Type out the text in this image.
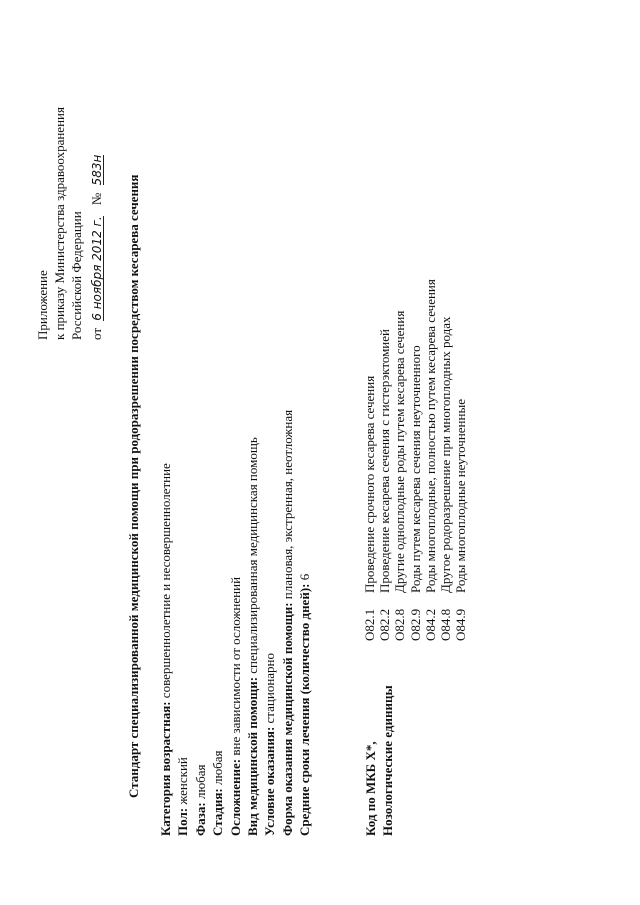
Приложение к приказу Министерства здравоохранения Российской Федерации от 6 ноября 2012 г. № 583н
Стандарт специализированной медицинской помощи при родоразрешении посредством кесарева сечения Категория возрастная: совершеннолетние и несовершеннолетние
Пол: женский
Фаза: любая
Стадия: любая Осложнение: вне зависимости от осложнений
Вид медицинской помощи: специализированная медицинская помощь
Условие оказания: стационарно Форма оказания медицинской помощи: плановая, экстренная, неотложная
Средние сроки лечения (количество дней): 6
Код по МКБ X*, Нозологические единицы
O82.1
Проведение срочного кесарева сечения
O82.2
Проведение кесарева сечения с гистерэктомией
O82.8
Другие одноплодные роды путем кесарева сечения
O82.9
Роды путем кесарева сечения неуточненного
O84.2
Роды многоплодные, полностью путем кесарева сечения
O84.8
Другое родоразрешение при многоплодных родах
O84.9
Роды многоплодные неуточненные
